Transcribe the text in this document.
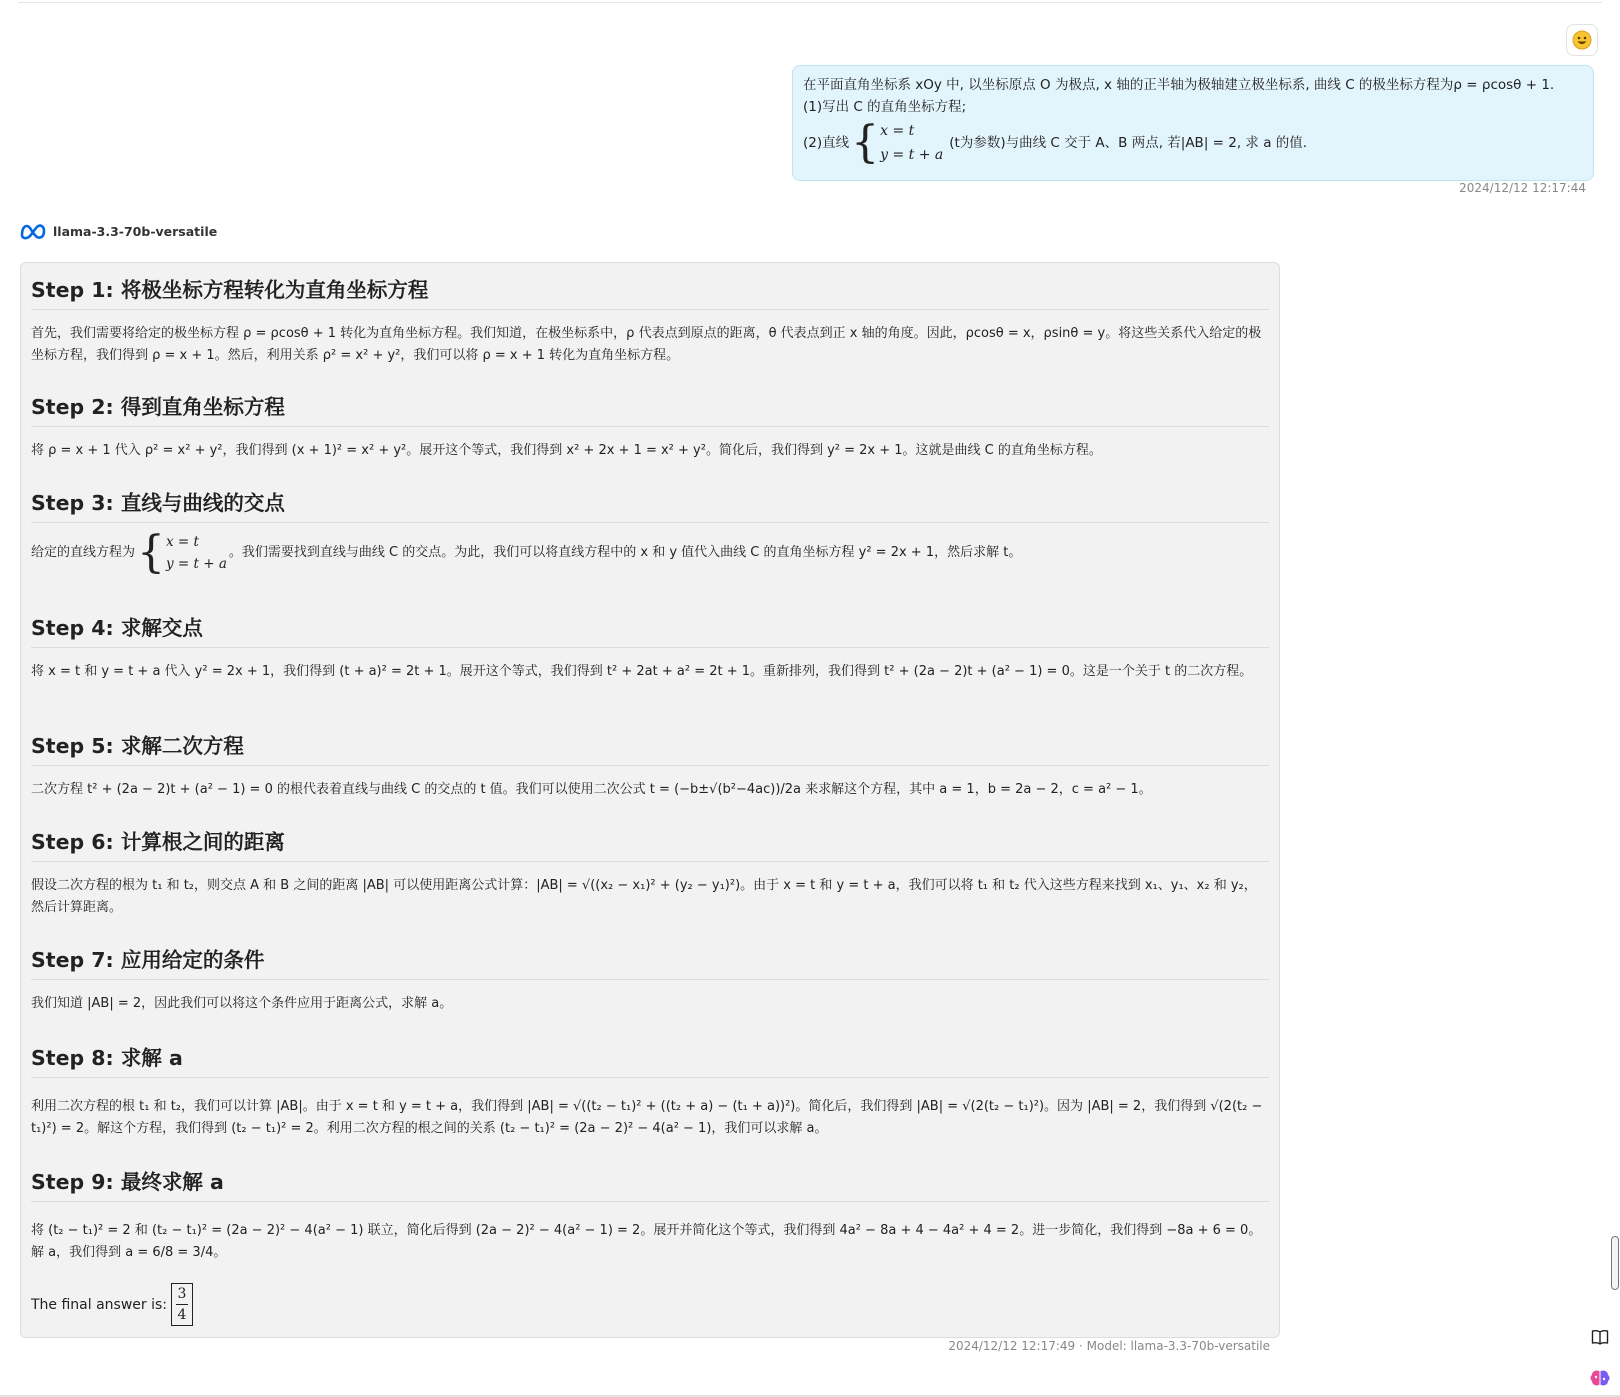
在平面直角坐标系 xOy 中, 以坐标原点 O 为极点, x 轴的正半轴为极轴建立极坐标系, 曲线 C 的极坐标方程为ρ = ρcosθ + 1.
(1)写出 C 的直角坐标方程;
(2)直线 { x = t
y = t + a
(t为参数)与曲线 C 交于 A、B 两点, 若|AB| = 2, 求 a 的值.
2024/12/12 12:17:44
llama-3.3-70b-versatile
Step 1: 将极坐标方程转化为直角坐标方程
首先，我们需要将给定的极坐标方程 ρ = ρcosθ + 1 转化为直角坐标方程。我们知道，在极坐标系中，ρ 代表点到原点的距离，θ 代表点到正 x 轴的角度。因此，ρcosθ = x，ρsinθ = y。将这些关系代入给定的极坐标方程，我们得到 ρ = x + 1。然后，利用关系 ρ² = x² + y²，我们可以将 ρ = x + 1 转化为直角坐标方程。
Step 2: 得到直角坐标方程
将 ρ = x + 1 代入 ρ² = x² + y²，我们得到 (x + 1)² = x² + y²。展开这个等式，我们得到 x² + 2x + 1 = x² + y²。简化后，我们得到 y² = 2x + 1。这就是曲线 C 的直角坐标方程。
Step 3: 直线与曲线的交点
给定的直线方程为 { x = t
y = t + a
。我们需要找到直线与曲线 C 的交点。为此，我们可以将直线方程中的 x 和 y 值代入曲线 C 的直角坐标方程 y² = 2x + 1，然后求解 t。
Step 4: 求解交点
将 x = t 和 y = t + a 代入 y² = 2x + 1，我们得到 (t + a)² = 2t + 1。展开这个等式，我们得到 t² + 2at + a² = 2t + 1。重新排列，我们得到 t² + (2a − 2)t + (a² − 1) = 0。这是一个关于 t 的二次方程。
Step 5: 求解二次方程
二次方程 t² + (2a − 2)t + (a² − 1) = 0 的根代表着直线与曲线 C 的交点的 t 值。我们可以使用二次公式 t = (−b±√(b²−4ac))/2a 来求解这个方程，其中 a = 1，b = 2a − 2，c = a² − 1。
Step 6: 计算根之间的距离
假设二次方程的根为 t₁ 和 t₂，则交点 A 和 B 之间的距离 |AB| 可以使用距离公式计算：|AB| = √((x₂ − x₁)² + (y₂ − y₁)²)。由于 x = t 和 y = t + a，我们可以将 t₁ 和 t₂ 代入这些方程来找到 x₁、y₁、x₂ 和 y₂，然后计算距离。
Step 7: 应用给定的条件
我们知道 |AB| = 2，因此我们可以将这个条件应用于距离公式，求解 a。
Step 8: 求解 a
利用二次方程的根 t₁ 和 t₂，我们可以计算 |AB|。由于 x = t 和 y = t + a，我们得到 |AB| = √((t₂ − t₁)² + ((t₂ + a) − (t₁ + a))²)。简化后，我们得到 |AB| = √(2(t₂ − t₁)²)。因为 |AB| = 2，我们得到 √(2(t₂ − t₁)²) = 2。解这个方程，我们得到 (t₂ − t₁)² = 2。利用二次方程的根之间的关系 (t₂ − t₁)² = (2a − 2)² − 4(a² − 1)，我们可以求解 a。
Step 9: 最终求解 a
将 (t₂ − t₁)² = 2 和 (t₂ − t₁)² = (2a − 2)² − 4(a² − 1) 联立，简化后得到 (2a − 2)² − 4(a² − 1) = 2。展开并简化这个等式，我们得到 4a² − 8a + 4 − 4a² + 4 = 2。进一步简化，我们得到 −8a + 6 = 0。解 a，我们得到 a = 6/8 = 3/4。
The final answer is:
3
4
2024/12/12 12:17:49 · Model: llama-3.3-70b-versatile
